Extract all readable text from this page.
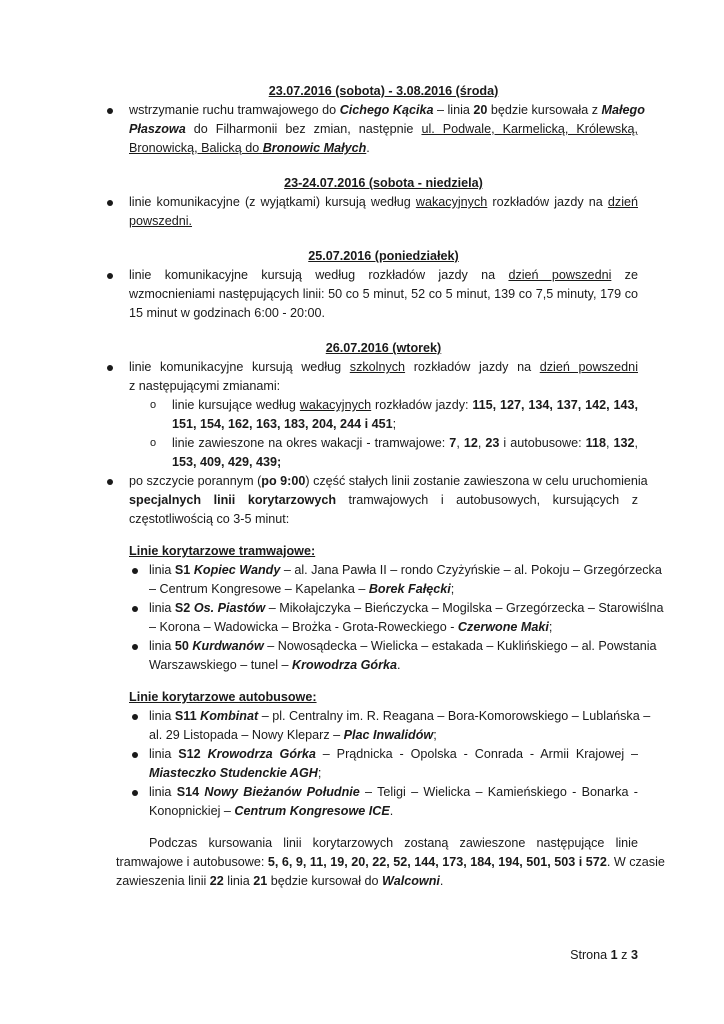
23.07.2016 (sobota) - 3.08.2016 (środa)
wstrzymanie ruchu tramwajowego do Cichego Kącika – linia 20 będzie kursowała z Małego
Płaszowa do Filharmonii bez zmian, następnie ul. Podwale, Karmelicką, Królewską,
Bronowicką, Balicką do Bronowic Małych.
23-24.07.2016 (sobota - niedziela)
linie komunikacyjne (z wyjątkami) kursują według wakacyjnych rozkładów jazdy na dzień
powszedni.
25.07.2016 (poniedziałek)
linie komunikacyjne kursują według rozkładów jazdy na dzień powszedni ze
wzmocnieniami następujących linii: 50 co 5 minut, 52 co 5 minut, 139 co 7,5 minuty, 179 co
15 minut w godzinach 6:00 - 20:00.
26.07.2016 (wtorek)
linie komunikacyjne kursują według szkolnych rozkładów jazdy na dzień powszedni
z następującymi zmianami:
o linie kursujące według wakacyjnych rozkładów jazdy: 115, 127, 134, 137, 142, 143,
151, 154, 162, 163, 183, 204, 244 i 451;
o linie zawieszone na okres wakacji - tramwajowe: 7, 12, 23 i autobusowe: 118, 132,
153, 409, 429, 439;
po szczycie porannym (po 9:00) część stałych linii zostanie zawieszona w celu uruchomienia
specjalnych linii korytarzowych tramwajowych i autobusowych, kursujących z
częstotliwością co 3-5 minut:
Linie korytarzowe tramwajowe:
linia S1 Kopiec Wandy – al. Jana Pawła II – rondo Czyżyńskie – al. Pokoju – Grzegórzecka
– Centrum Kongresowe – Kapelanka – Borek Fałęcki;
linia S2 Os. Piastów – Mikołajczyka – Bieńczycka – Mogilska – Grzegórzecka – Starowiślna
– Korona – Wadowicka – Brożka - Grota-Roweckiego - Czerwone Maki;
linia 50 Kurdwanów – Nowosądecka – Wielicka – estakada – Kuklińskiego – al. Powstania
Warszawskiego – tunel – Krowodrza Górka.
Linie korytarzowe autobusowe:
linia S11 Kombinat – pl. Centralny im. R. Reagana – Bora-Komorowskiego – Lublańska –
al. 29 Listopada – Nowy Kleparz – Plac Inwalidów;
linia S12 Krowodrza Górka – Prądnicka - Opolska - Conrada - Armii Krajowej –
Miasteczko Studenckie AGH;
linia S14 Nowy Bieżanów Południe – Teligi – Wielicka – Kamieńskiego - Bonarka -
Konopnickiej – Centrum Kongresowe ICE.
Podczas kursowania linii korytarzowych zostaną zawieszone następujące linie
tramwajowe i autobusowe: 5, 6, 9, 11, 19, 20, 22, 52, 144, 173, 184, 194, 501, 503 i 572. W czasie
zawieszenia linii 22 linia 21 będzie kursował do Walcowni.
Strona 1 z 3
